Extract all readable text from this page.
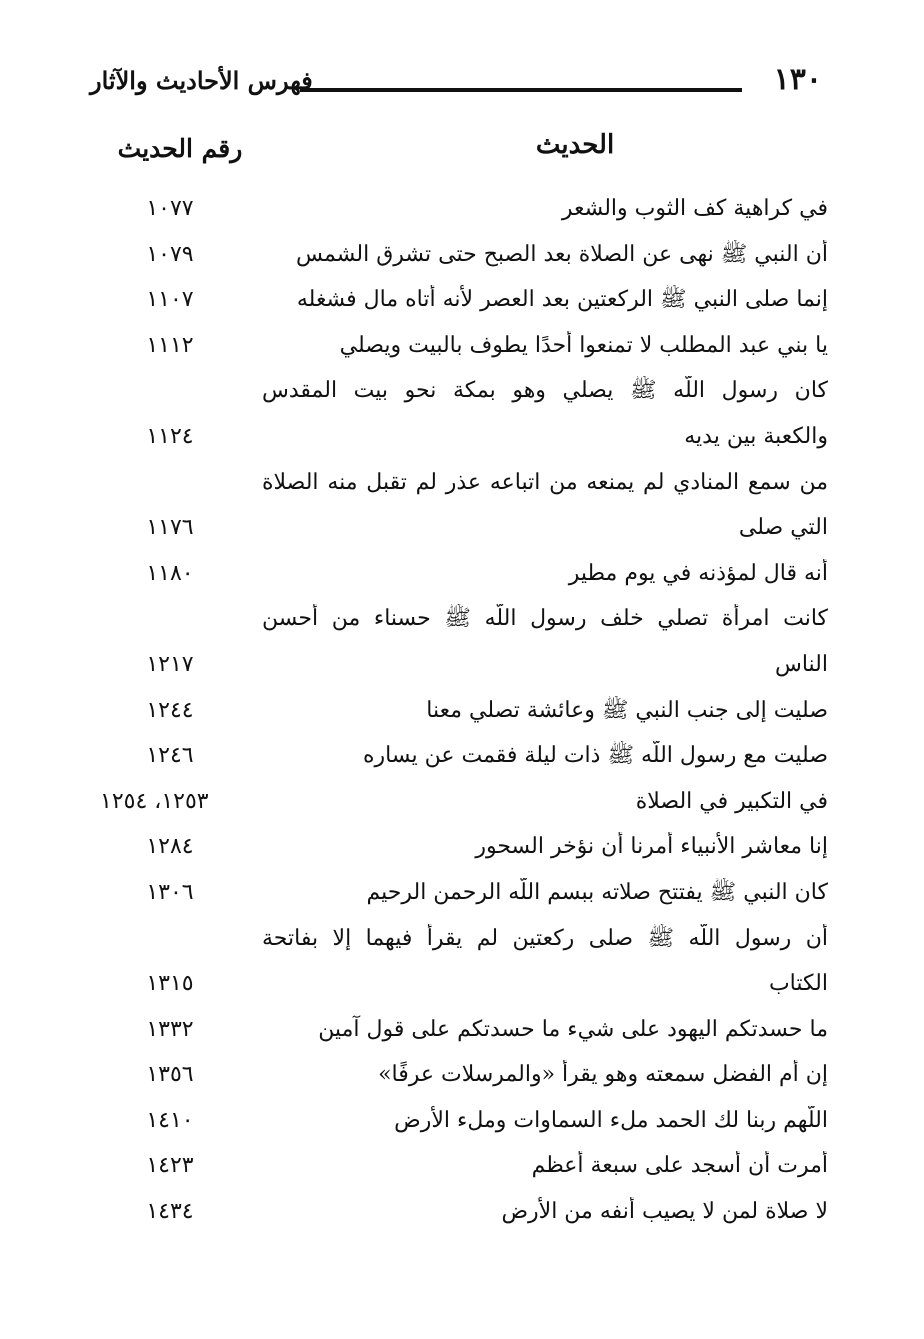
١٣٠
فهرس الأحاديث والآثار
الحديث
رقم الحديث
في كراهية كف الثوب والشعر
١٠٧٧
أن النبي ﷺ نهى عن الصلاة بعد الصبح حتى تشرق الشمس
١٠٧٩
إنما صلى النبي ﷺ الركعتين بعد العصر لأنه أتاه مال فشغله
١١٠٧
يا بني عبد المطلب لا تمنعوا أحدًا يطوف بالبيت ويصلي
١١١٢
كان رسول اللَّه ﷺ يصلي وهو بمكة نحو بيت المقدس
والكعبة بين يديه
١١٢٤
من سمع المنادي لم يمنعه من اتباعه عذر لم تقبل منه الصلاة
التي صلى
١١٧٦
أنه قال لمؤذنه في يوم مطير
١١٨٠
كانت امرأة تصلي خلف رسول اللَّه ﷺ حسناء من أحسن
الناس
١٢١٧
صليت إلى جنب النبي ﷺ وعائشة تصلي معنا
١٢٤٤
صليت مع رسول اللَّه ﷺ ذات ليلة فقمت عن يساره
١٢٤٦
في التكبير في الصلاة
١٢٥٣، ١٢٥٤
إنا معاشر الأنبياء أمرنا أن نؤخر السحور
١٢٨٤
كان النبي ﷺ يفتتح صلاته ببسم اللَّه الرحمن الرحيم
١٣٠٦
أن رسول اللَّه ﷺ صلى ركعتين لم يقرأ فيهما إلا بفاتحة
الكتاب
١٣١٥
ما حسدتكم اليهود على شيء ما حسدتكم على قول آمين
١٣٣٢
إن أم الفضل سمعته وهو يقرأ «والمرسلات عرفًا»
١٣٥٦
اللَّهم ربنا لك الحمد ملء السماوات وملء الأرض
١٤١٠
أمرت أن أسجد على سبعة أعظم
١٤٢٣
لا صلاة لمن لا يصيب أنفه من الأرض
١٤٣٤
